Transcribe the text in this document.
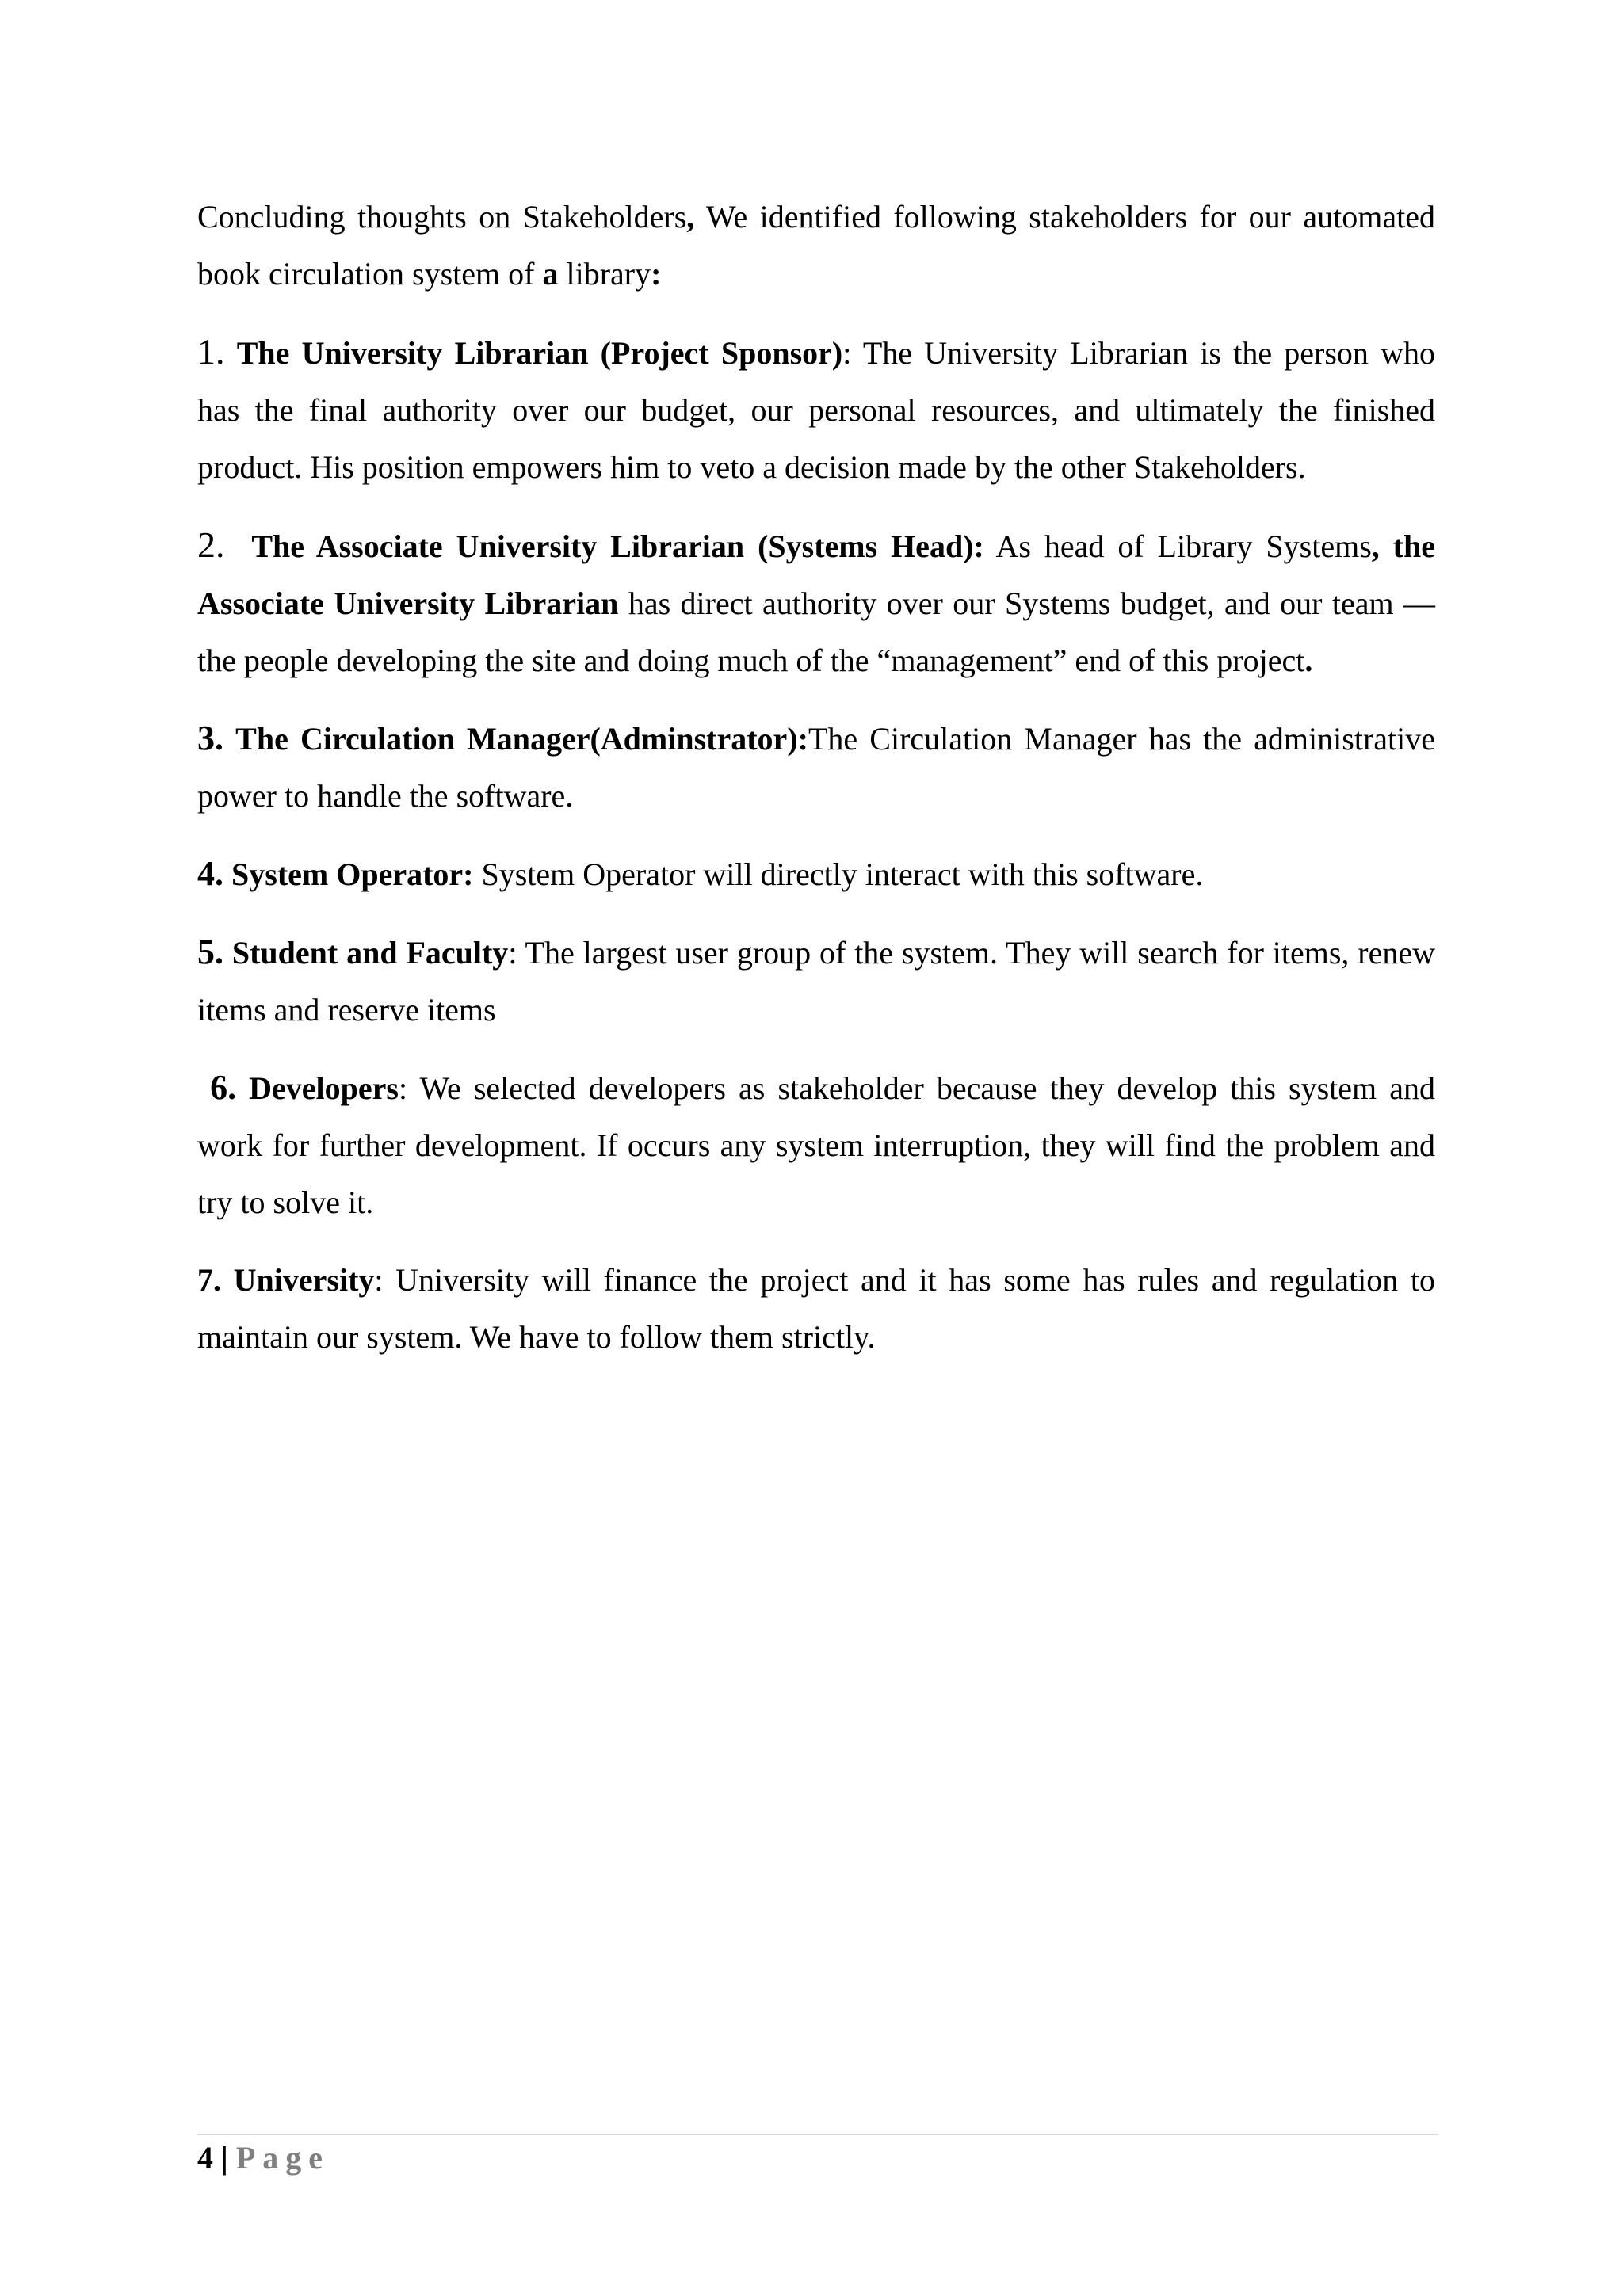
Concluding thoughts on Stakeholders, We identified following stakeholders for our automated book circulation system of a library:

1. The University Librarian (Project Sponsor): The University Librarian is the person who has the final authority over our budget, our personal resources, and ultimately the finished product. His position empowers him to veto a decision made by the other Stakeholders.

2. The Associate University Librarian (Systems Head): As head of Library Systems, the Associate University Librarian has direct authority over our Systems budget, and our team — the people developing the site and doing much of the “management” end of this project.

3. The Circulation Manager(Adminstrator):The Circulation Manager has the administrative power to handle the software.

4. System Operator: System Operator will directly interact with this software.

5. Student and Faculty: The largest user group of the system. They will search for items, renew items and reserve items

6. Developers: We selected developers as stakeholder because they develop this system and work for further development. If occurs any system interruption, they will find the problem and try to solve it.

7. University: University will finance the project and it has some has rules and regulation to maintain our system. We have to follow them strictly.

4 | Page
